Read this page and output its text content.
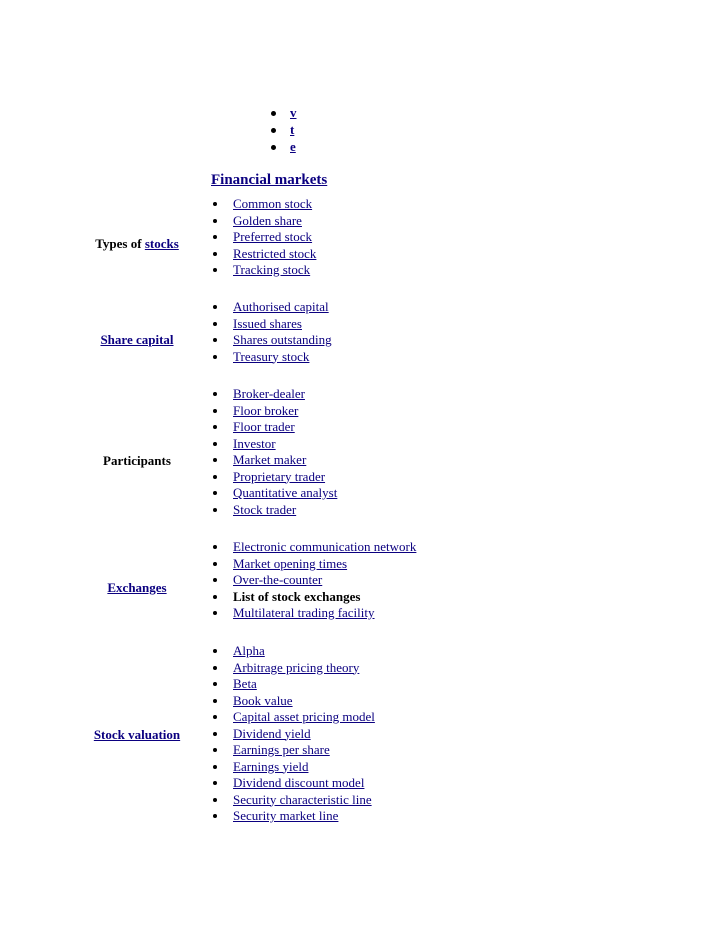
v
t
e
Financial markets
Types of stocks
Common stock
Golden share
Preferred stock
Restricted stock
Tracking stock
Share capital
Authorised capital
Issued shares
Shares outstanding
Treasury stock
Participants
Broker-dealer
Floor broker
Floor trader
Investor
Market maker
Proprietary trader
Quantitative analyst
Stock trader
Exchanges
Electronic communication network
Market opening times
Over-the-counter
List of stock exchanges
Multilateral trading facility
Stock valuation
Alpha
Arbitrage pricing theory
Beta
Book value
Capital asset pricing model
Dividend yield
Earnings per share
Earnings yield
Dividend discount model
Security characteristic line
Security market line
